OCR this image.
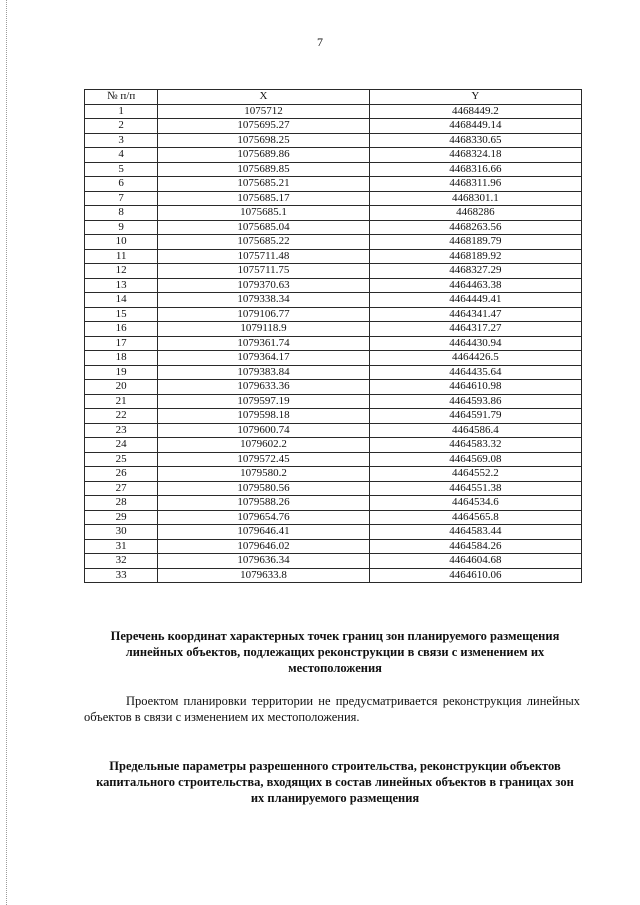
7
№ п/п	X	Y
1	1075712	4468449.2
2	1075695.27	4468449.14
3	1075698.25	4468330.65
4	1075689.86	4468324.18
5	1075689.85	4468316.66
6	1075685.21	4468311.96
7	1075685.17	4468301.1
8	1075685.1	4468286
9	1075685.04	4468263.56
10	1075685.22	4468189.79
11	1075711.48	4468189.92
12	1075711.75	4468327.29
13	1079370.63	4464463.38
14	1079338.34	4464449.41
15	1079106.77	4464341.47
16	1079118.9	4464317.27
17	1079361.74	4464430.94
18	1079364.17	4464426.5
19	1079383.84	4464435.64
20	1079633.36	4464610.98
21	1079597.19	4464593.86
22	1079598.18	4464591.79
23	1079600.74	4464586.4
24	1079602.2	4464583.32
25	1079572.45	4464569.08
26	1079580.2	4464552.2
27	1079580.56	4464551.38
28	1079588.26	4464534.6
29	1079654.76	4464565.8
30	1079646.41	4464583.44
31	1079646.02	4464584.26
32	1079636.34	4464604.68
33	1079633.8	4464610.06
Перечень координат характерных точек границ зон планируемого размещения линейных объектов, подлежащих реконструкции в связи с изменением их местоположения
Проектом планировки территории не предусматривается реконструкция линейных объектов в связи с изменением их местоположения.
Предельные параметры разрешенного строительства, реконструкции объектов капитального строительства, входящих в состав линейных объектов в границах зон их планируемого размещения
